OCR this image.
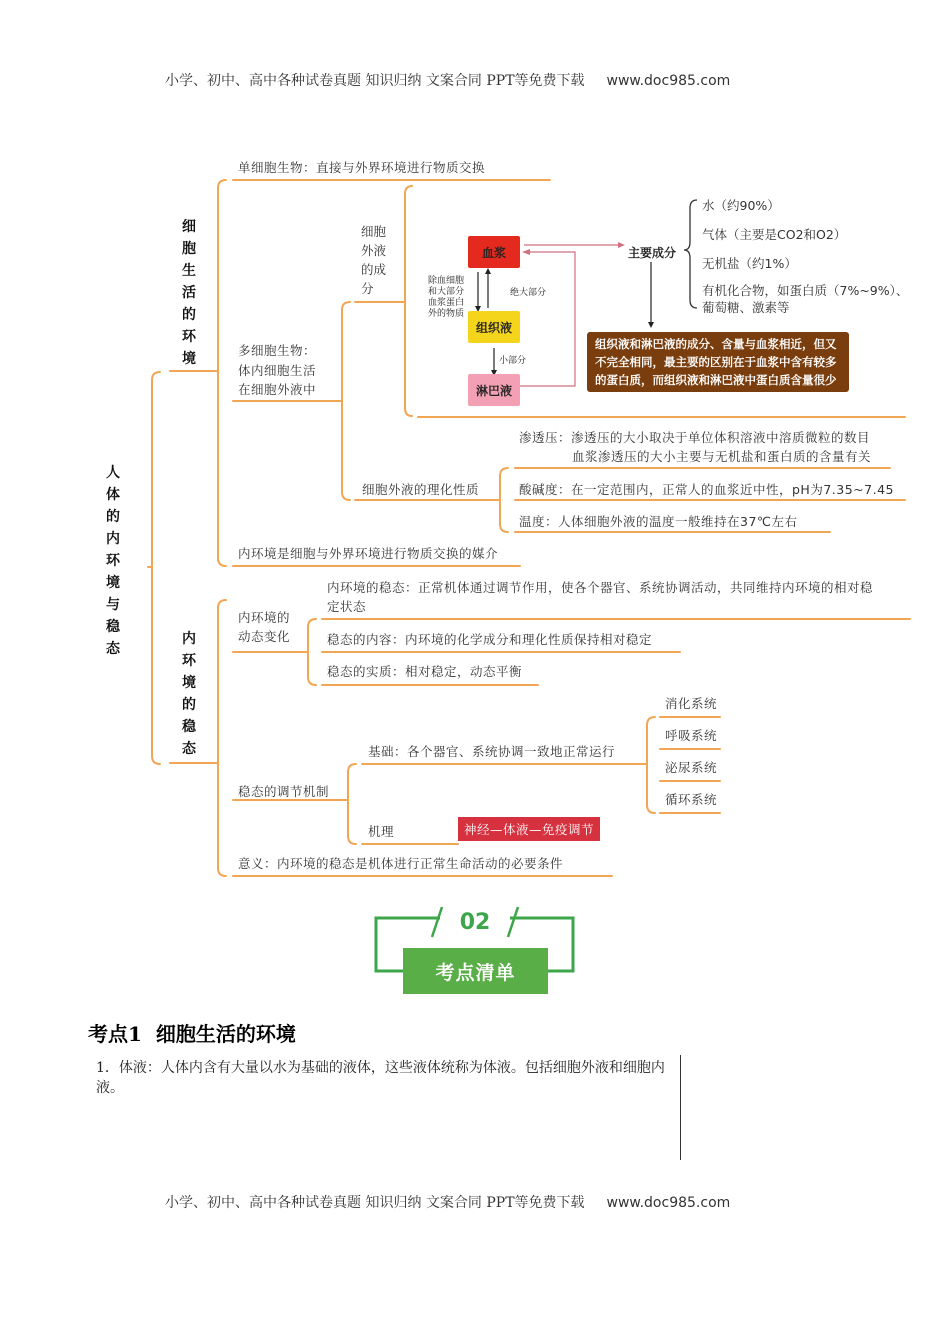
小学、初中、高中各种试卷真题 知识归纳 文案合同 PPT等免费下载 www.doc985.com
人体的内环境与稳态
细胞生活的环境
内环境的稳态
单细胞生物：直接与外界环境进行物质交换
多细胞生物：
体内细胞生活
在细胞外液中
细胞外液的成分
血浆
组织液
淋巴液
除血细胞
和大部分
血浆蛋白
外的物质
绝大部分
小部分
主要成分
水（约90%）
气体（主要是CO2和O2）
无机盐（约1%）
有机化合物，如蛋白质（7%~9%）、
葡萄糖、激素等
组织液和淋巴液的成分、含量与血浆相近，但又
不完全相同，最主要的区别在于血浆中含有较多
的蛋白质，而组织液和淋巴液中蛋白质含量很少
细胞外液的理化性质
渗透压：渗透压的大小取决于单位体积溶液中溶质微粒的数目
血浆渗透压的大小主要与无机盐和蛋白质的含量有关
酸碱度：在一定范围内，正常人的血浆近中性，pH为7.35~7.45
温度：人体细胞外液的温度一般维持在37℃左右
内环境是细胞与外界环境进行物质交换的媒介
内环境的动态变化
内环境的稳态：正常机体通过调节作用，使各个器官、系统协调活动，共同维持内环境的相对稳
定状态
稳态的内容：内环境的化学成分和理化性质保持相对稳定
稳态的实质：相对稳定，动态平衡
稳态的调节机制
基础：各个器官、系统协调一致地正常运行
消化系统
呼吸系统
泌尿系统
循环系统
机理	神经—体液—免疫调节
意义：内环境的稳态是机体进行正常生命活动的必要条件
02
考点清单
考点1  细胞生活的环境
1．体液：人体内含有大量以水为基础的液体，这些液体统称为体液。包括细胞外液和细胞内液。
小学、初中、高中各种试卷真题 知识归纳 文案合同 PPT等免费下载 www.doc985.com
